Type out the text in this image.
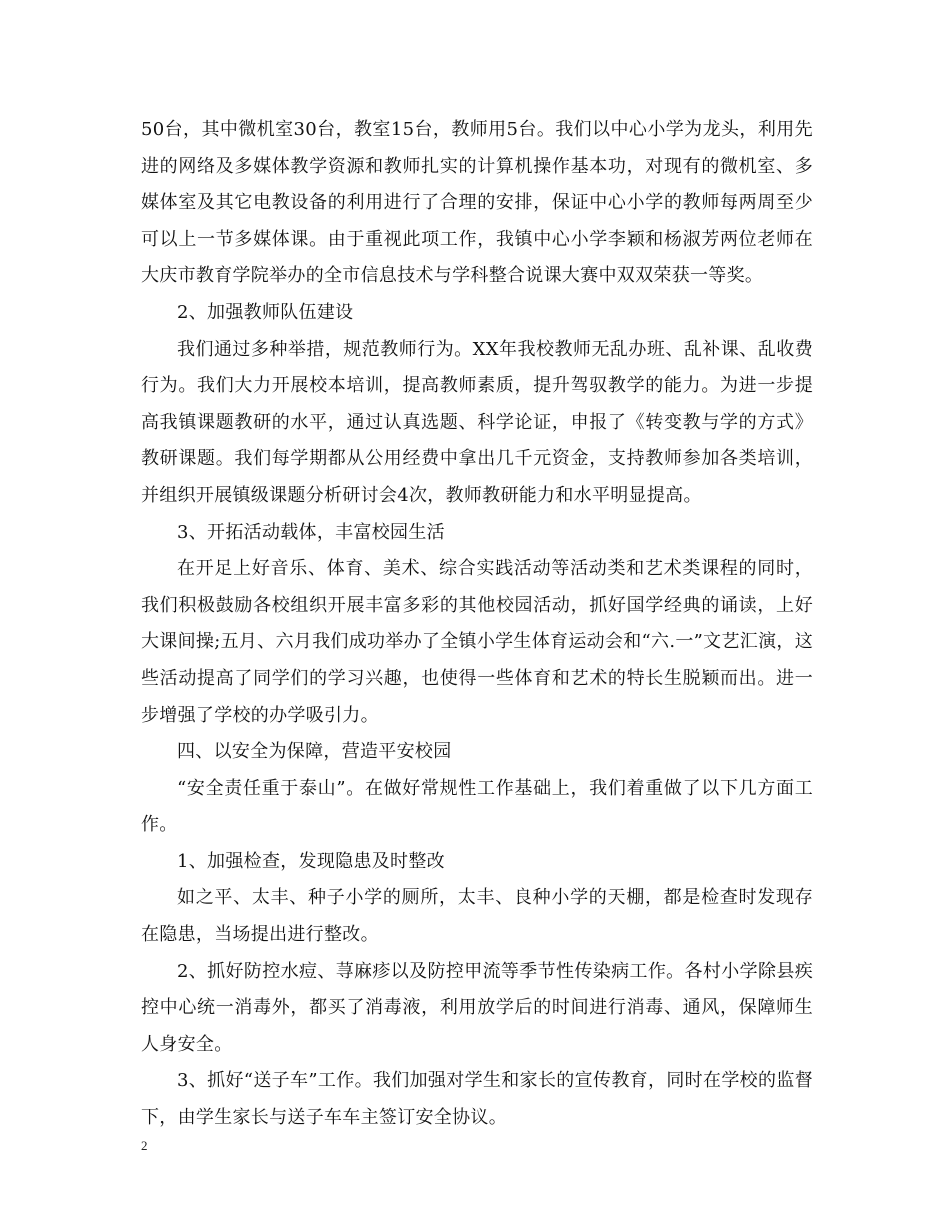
50台，其中微机室30台，教室15台，教师用5台。我们以中心小学为龙头，利用先进的网络及多媒体教学资源和教师扎实的计算机操作基本功，对现有的微机室、多媒体室及其它电教设备的利用进行了合理的安排，保证中心小学的教师每两周至少可以上一节多媒体课。由于重视此项工作，我镇中心小学李颖和杨淑芳两位老师在大庆市教育学院举办的全市信息技术与学科整合说课大赛中双双荣获一等奖。

2、加强教师队伍建设

我们通过多种举措，规范教师行为。XX年我校教师无乱办班、乱补课、乱收费行为。我们大力开展校本培训，提高教师素质，提升驾驭教学的能力。为进一步提高我镇课题教研的水平，通过认真选题、科学论证，申报了《转变教与学的方式》教研课题。我们每学期都从公用经费中拿出几千元资金，支持教师参加各类培训，并组织开展镇级课题分析研讨会4次，教师教研能力和水平明显提高。

3、开拓活动载体，丰富校园生活

在开足上好音乐、体育、美术、综合实践活动等活动类和艺术类课程的同时，我们积极鼓励各校组织开展丰富多彩的其他校园活动，抓好国学经典的诵读，上好大课间操;五月、六月我们成功举办了全镇小学生体育运动会和“六.一”文艺汇演，这些活动提高了同学们的学习兴趣，也使得一些体育和艺术的特长生脱颖而出。进一步增强了学校的办学吸引力。

四、以安全为保障，营造平安校园

“安全责任重于泰山”。在做好常规性工作基础上，我们着重做了以下几方面工作。

1、加强检查，发现隐患及时整改

如之平、太丰、种子小学的厕所，太丰、良种小学的天棚，都是检查时发现存在隐患，当场提出进行整改。

2、抓好防控水痘、荨麻疹以及防控甲流等季节性传染病工作。各村小学除县疾控中心统一消毒外，都买了消毒液，利用放学后的时间进行消毒、通风，保障师生人身安全。

3、抓好“送子车”工作。我们加强对学生和家长的宣传教育，同时在学校的监督下，由学生家长与送子车车主签订安全协议。

2
